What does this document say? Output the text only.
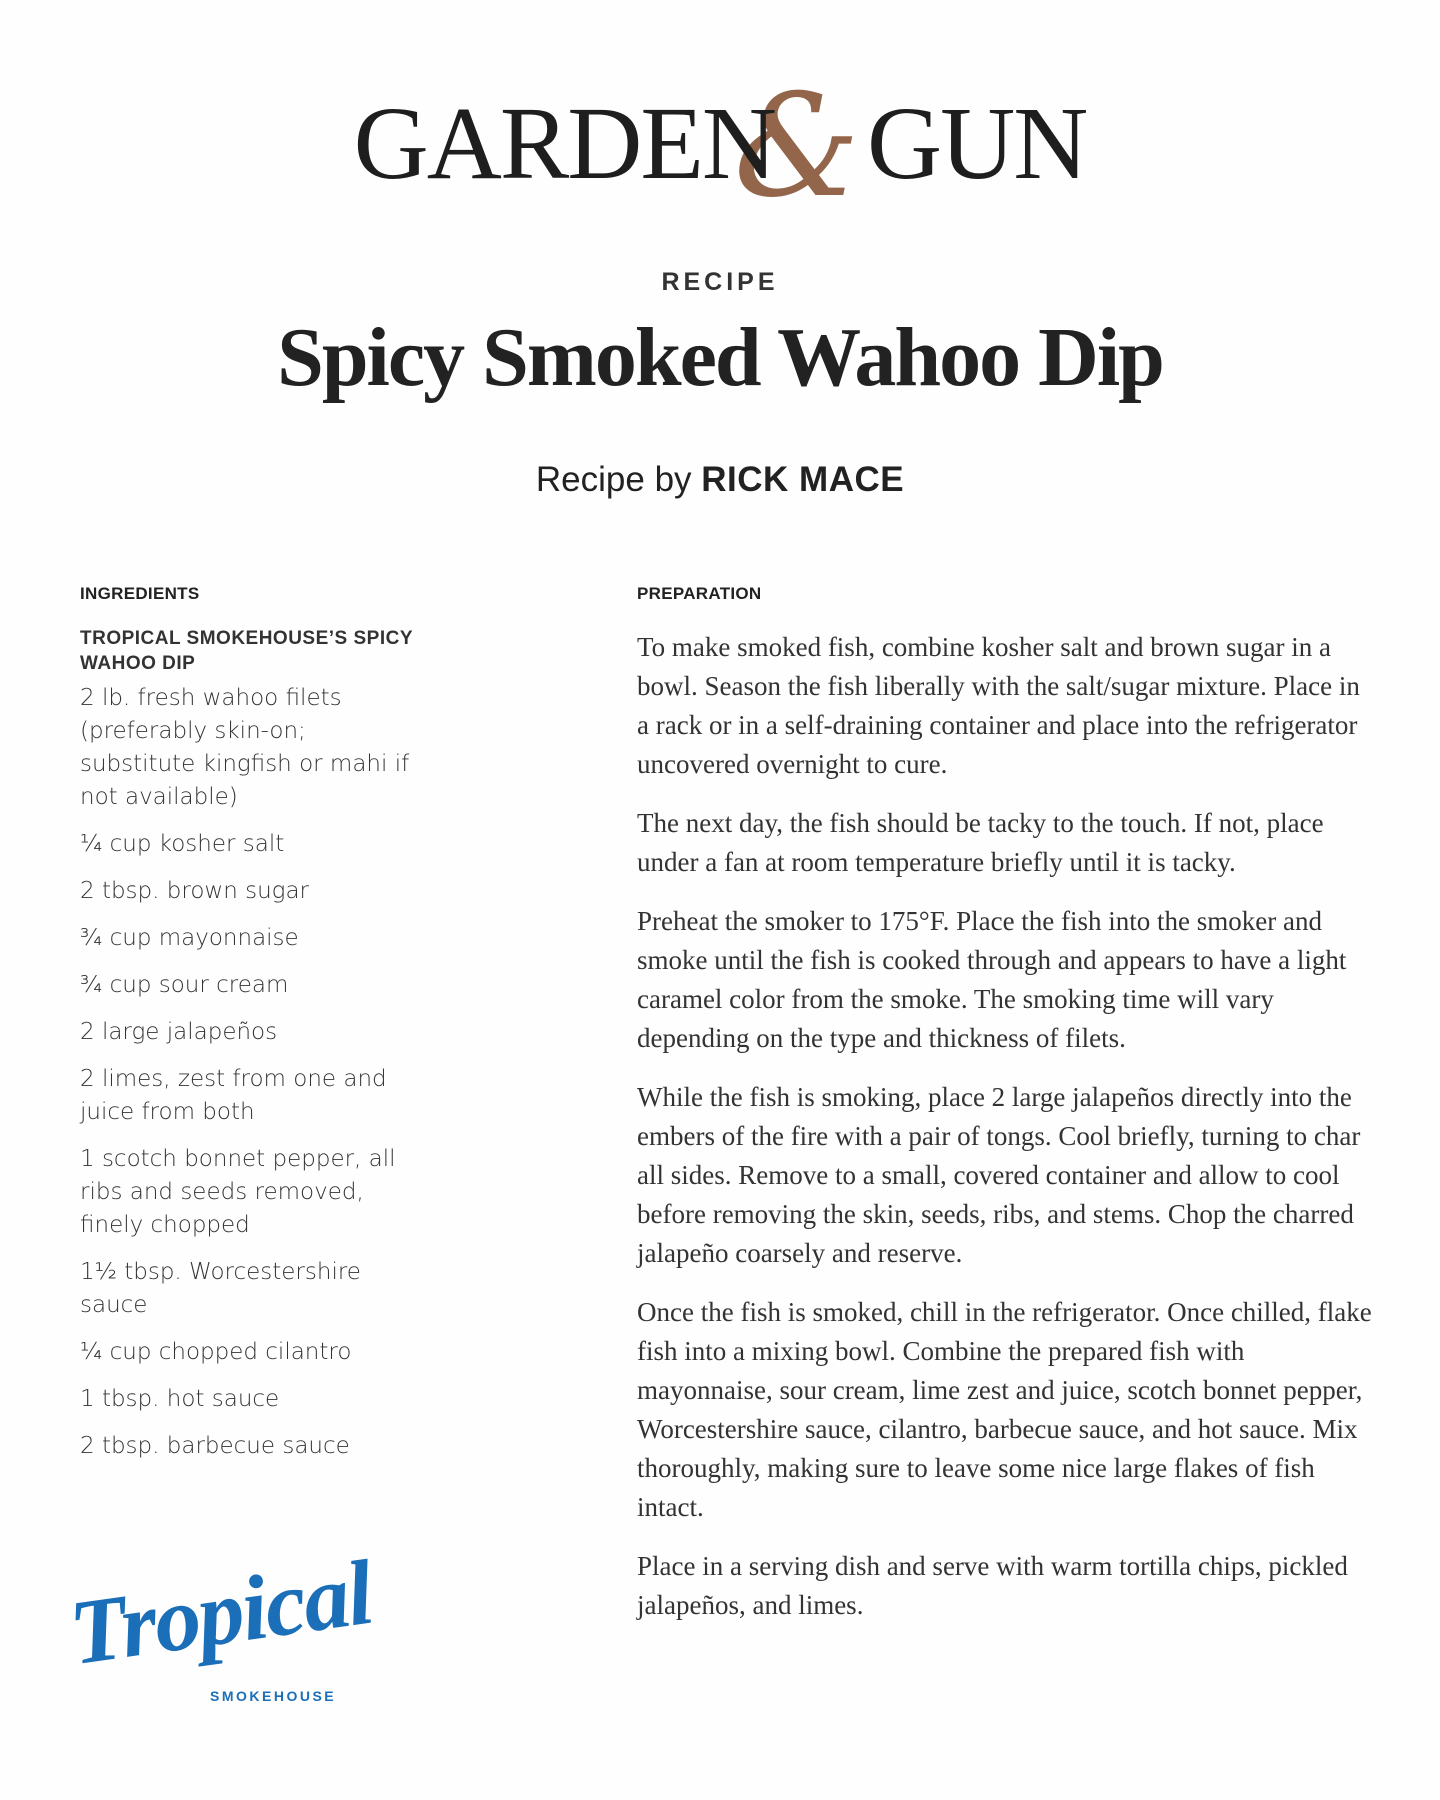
&
GARDEN GUN
RECIPE
Spicy Smoked Wahoo Dip
Recipe by RICK MACE
INGREDIENTS
TROPICAL SMOKEHOUSE’S SPICY WAHOO DIP
2 lb. fresh wahoo filets (preferably skin-on; substitute kingfish or mahi if not available)
¼ cup kosher salt
2 tbsp. brown sugar
¾ cup mayonnaise
¾ cup sour cream
2 large jalapeños
2 limes, zest from one and juice from both
1 scotch bonnet pepper, all ribs and seeds removed, finely chopped
1½ tbsp. Worcestershire sauce
¼ cup chopped cilantro
1 tbsp. hot sauce
2 tbsp. barbecue sauce
PREPARATION

To make smoked fish, combine kosher salt and brown sugar in a bowl. Season the fish liberally with the salt/sugar mixture. Place in a rack or in a self-draining container and place into the refrigerator uncovered overnight to cure.

The next day, the fish should be tacky to the touch. If not, place under a fan at room temperature briefly until it is tacky.

Preheat the smoker to 175°F. Place the fish into the smoker and smoke until the fish is cooked through and appears to have a light caramel color from the smoke. The smoking time will vary depending on the type and thickness of filets.

While the fish is smoking, place 2 large jalapeños directly into the embers of the fire with a pair of tongs. Cool briefly, turning to char all sides. Remove to a small, covered container and allow to cool before removing the skin, seeds, ribs, and stems. Chop the charred jalapeño coarsely and reserve.

Once the fish is smoked, chill in the refrigerator. Once chilled, flake fish into a mixing bowl. Combine the prepared fish with mayonnaise, sour cream, lime zest and juice, scotch bonnet pepper, Worcestershire sauce, cilantro, barbecue sauce, and hot sauce. Mix thoroughly, making sure to leave some nice large flakes of fish intact.

Place in a serving dish and serve with warm tortilla chips, pickled jalapeños, and limes.

Tropical
SMOKEHOUSE
